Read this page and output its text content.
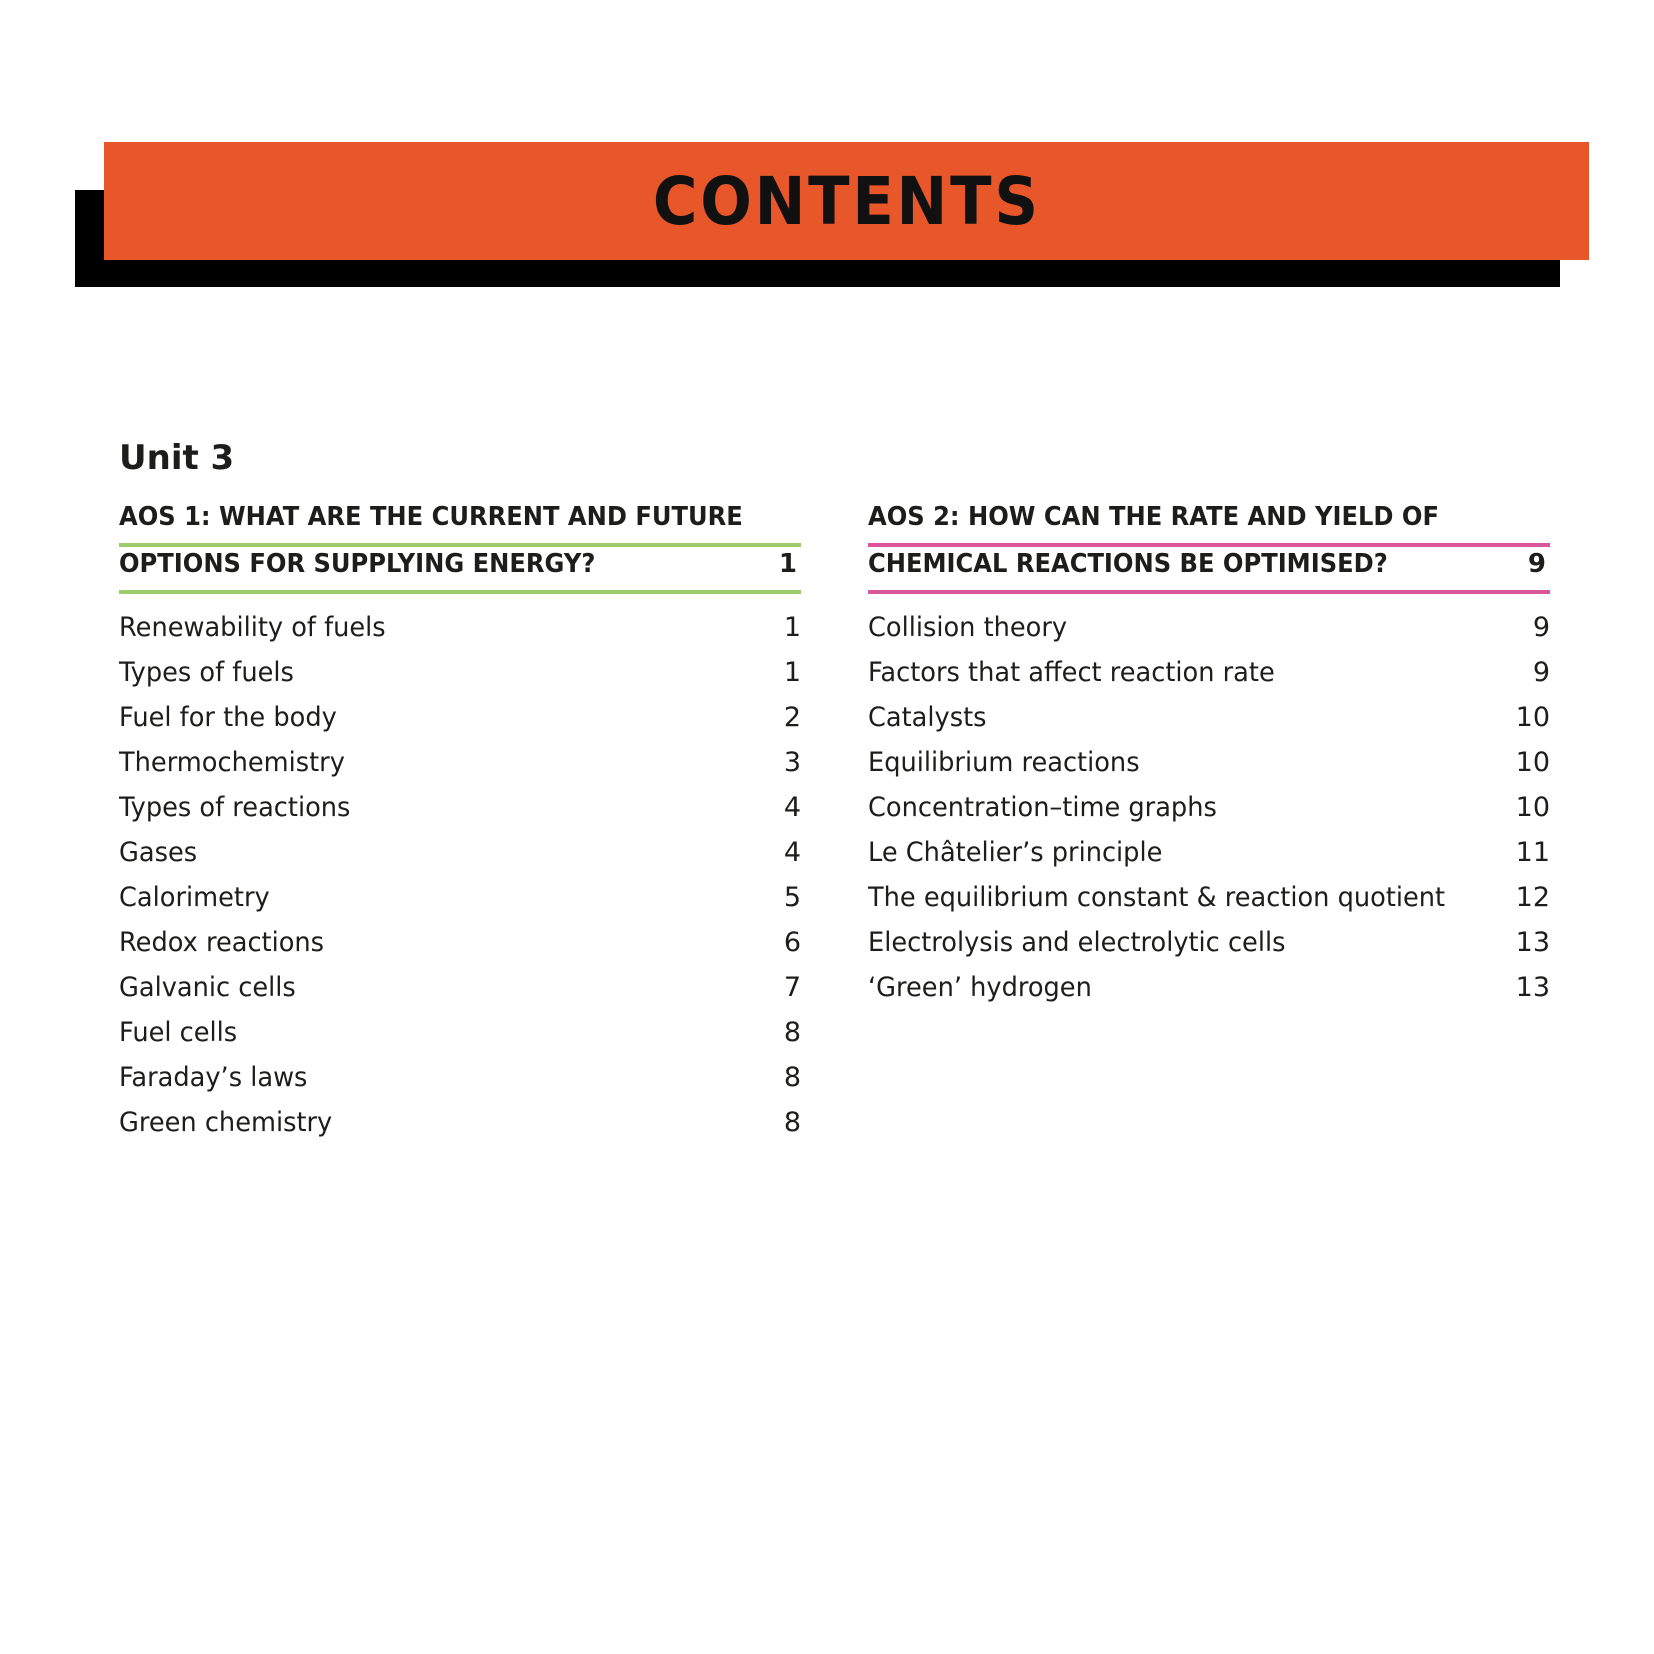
CONTENTS
Unit 3
AOS 1: WHAT ARE THE CURRENT AND FUTURE
OPTIONS FOR SUPPLYING ENERGY?	1
Renewability of fuels	1
Types of fuels	1
Fuel for the body	2
Thermochemistry	3
Types of reactions	4
Gases	4
Calorimetry	5
Redox reactions	6
Galvanic cells	7
Fuel cells	8
Faraday’s laws	8
Green chemistry	8
AOS 2: HOW CAN THE RATE AND YIELD OF
CHEMICAL REACTIONS BE OPTIMISED?	9
Collision theory	9
Factors that affect reaction rate	9
Catalysts	10
Equilibrium reactions	10
Concentration–time graphs	10
Le Châtelier’s principle	11
The equilibrium constant & reaction quotient	12
Electrolysis and electrolytic cells	13
‘Green’ hydrogen	13
